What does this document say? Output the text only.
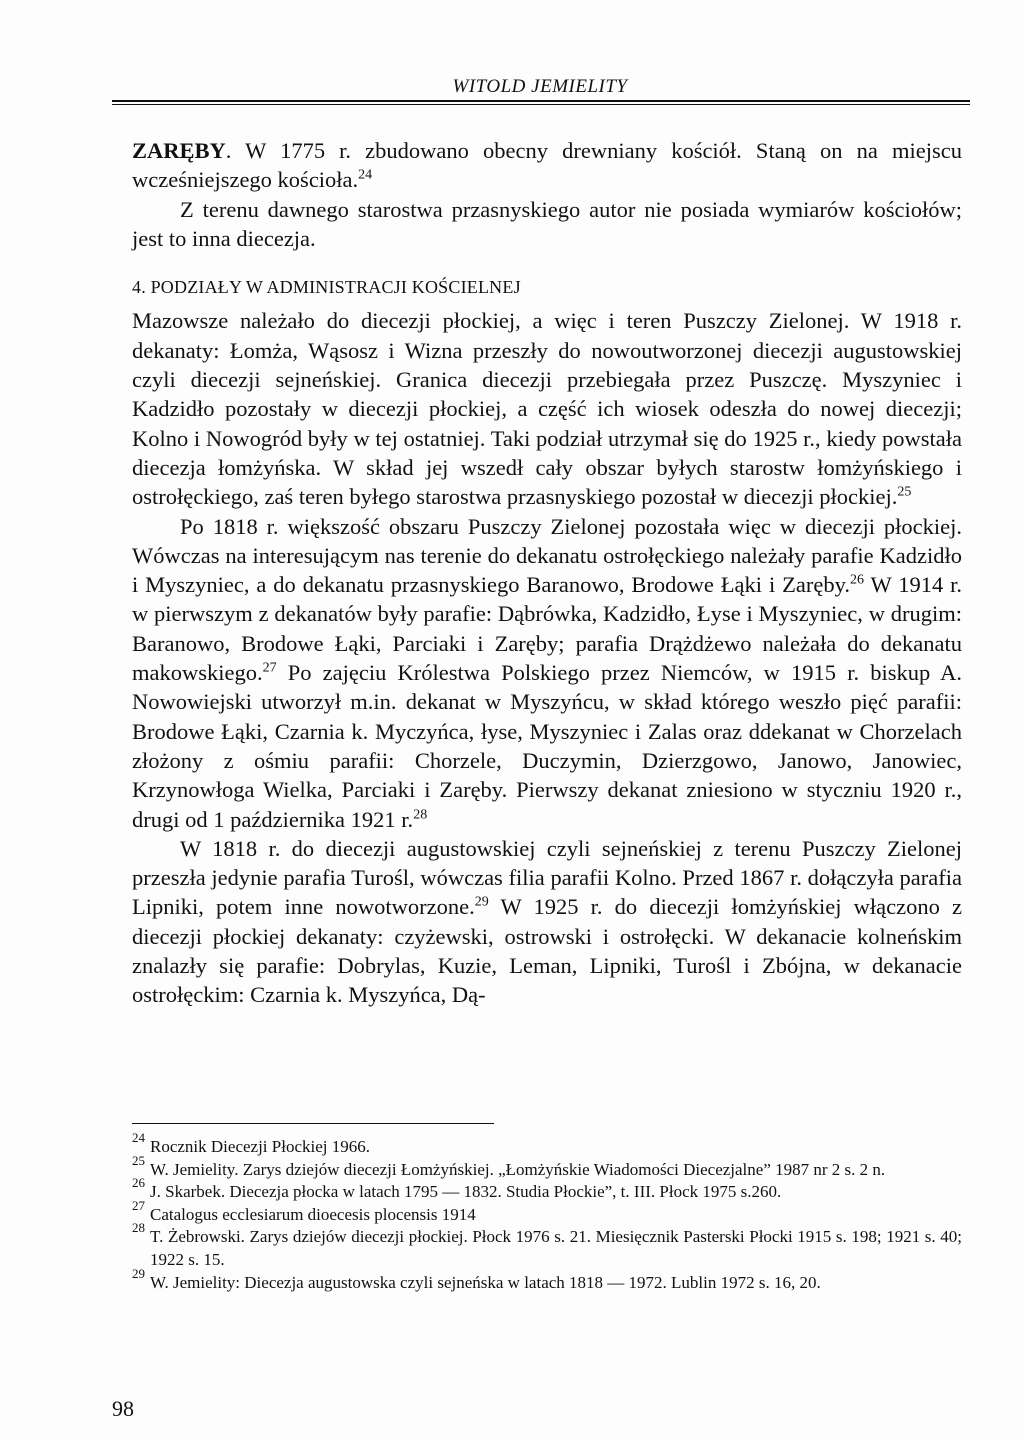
WITOLD JEMIELITY

ZARĘBY. W 1775 r. zbudowano obecny drewniany kościół. Staną on na miejscu wcześniejszego kościoła.$^{24}$

Z terenu dawnego starostwa przasnyskiego autor nie posiada wymiarów kościołów; jest to inna diecezja.

4. PODZIAŁY W ADMINISTRACJI KOŚCIELNEJ

Mazowsze należało do diecezji płockiej, a więc i teren Puszczy Zielonej. W 1918 r. dekanaty: Łomża, Wąsosz i Wizna przeszły do nowoutworzonej diecezji augustowskiej czyli diecezji sejneńskiej. Granica diecezji przebiegała przez Puszczę. Myszyniec i Kadzidło pozostały w diecezji płockiej, a część ich wiosek odeszła do nowej diecezji; Kolno i Nowogród były w tej ostatniej. Taki podział utrzymał się do 1925 r., kiedy powstała diecezja łomżyńska. W skład jej wszedł cały obszar byłych starostw łomżyńskiego i ostrołęckiego, zaś teren byłego starostwa przasnyskiego pozostał w diecezji płockiej.$^{25}$

Po 1818 r. większość obszaru Puszczy Zielonej pozostała więc w diecezji płockiej. Wówczas na interesującym nas terenie do dekanatu ostrołęckiego należały parafie Kadzidło i Myszyniec, a do dekanatu przasnyskiego Baranowo, Brodowe Łąki i Zaręby.$^{26}$ W 1914 r. w pierwszym z dekanatów były parafie: Dąbrówka, Kadzidło, Łyse i Myszyniec, w drugim: Baranowo, Brodowe Łąki, Parciaki i Zaręby; parafia Drążdżewo należała do dekanatu makowskiego.$^{27}$ Po zajęciu Królestwa Polskiego przez Niemców, w 1915 r. biskup A. Nowowiejski utworzył m.in. dekanat w Myszyńcu, w skład którego weszło pięć parafii: Brodowe Łąki, Czarnia k. Myczyńca, łyse, Myszyniec i Zalas oraz ddekanat w Chorzelach złożony z ośmiu parafii: Chorzele, Duczymin, Dzierzgowo, Janowo, Janowiec, Krzynowłoga Wielka, Parciaki i Zaręby. Pierwszy dekanat zniesiono w styczniu 1920 r., drugi od 1 października 1921 r.$^{28}$

W 1818 r. do diecezji augustowskiej czyli sejneńskiej z terenu Puszczy Zielonej przeszła jedynie parafia Turośl, wówczas filia parafii Kolno. Przed 1867 r. dołączyła parafia Lipniki, potem inne nowotworzone.$^{29}$ W 1925 r. do diecezji łomżyńskiej włączono z diecezji płockiej dekanaty: czyżewski, ostrowski i ostrołęcki. W dekanacie kolneńskim znalazły się parafie: Dobrylas, Kuzie, Leman, Lipniki, Turośl i Zbójna, w dekanacie ostrołęckim: Czarnia k. Myszyńca, Dą-

24 Rocznik Diecezji Płockiej 1966.
25 W. Jemielity. Zarys dziejów diecezji Łomżyńskiej. „Łomżyńskie Wiadomości Diecezjalne” 1987 nr 2 s. 2 n.
26 J. Skarbek. Diecezja płocka w latach 1795 — 1832. Studia Płockie”, t. III. Płock 1975 s.260.
27 Catalogus ecclesiarum dioecesis plocensis 1914
28 T. Żebrowski. Zarys dziejów diecezji płockiej. Płock 1976 s. 21. Miesięcznik Pasterski Płocki 1915 s. 198; 1921 s. 40; 1922 s. 15.
29 W. Jemielity: Diecezja augustowska czyli sejneńska w latach 1818 — 1972. Lublin 1972 s. 16, 20.
98
